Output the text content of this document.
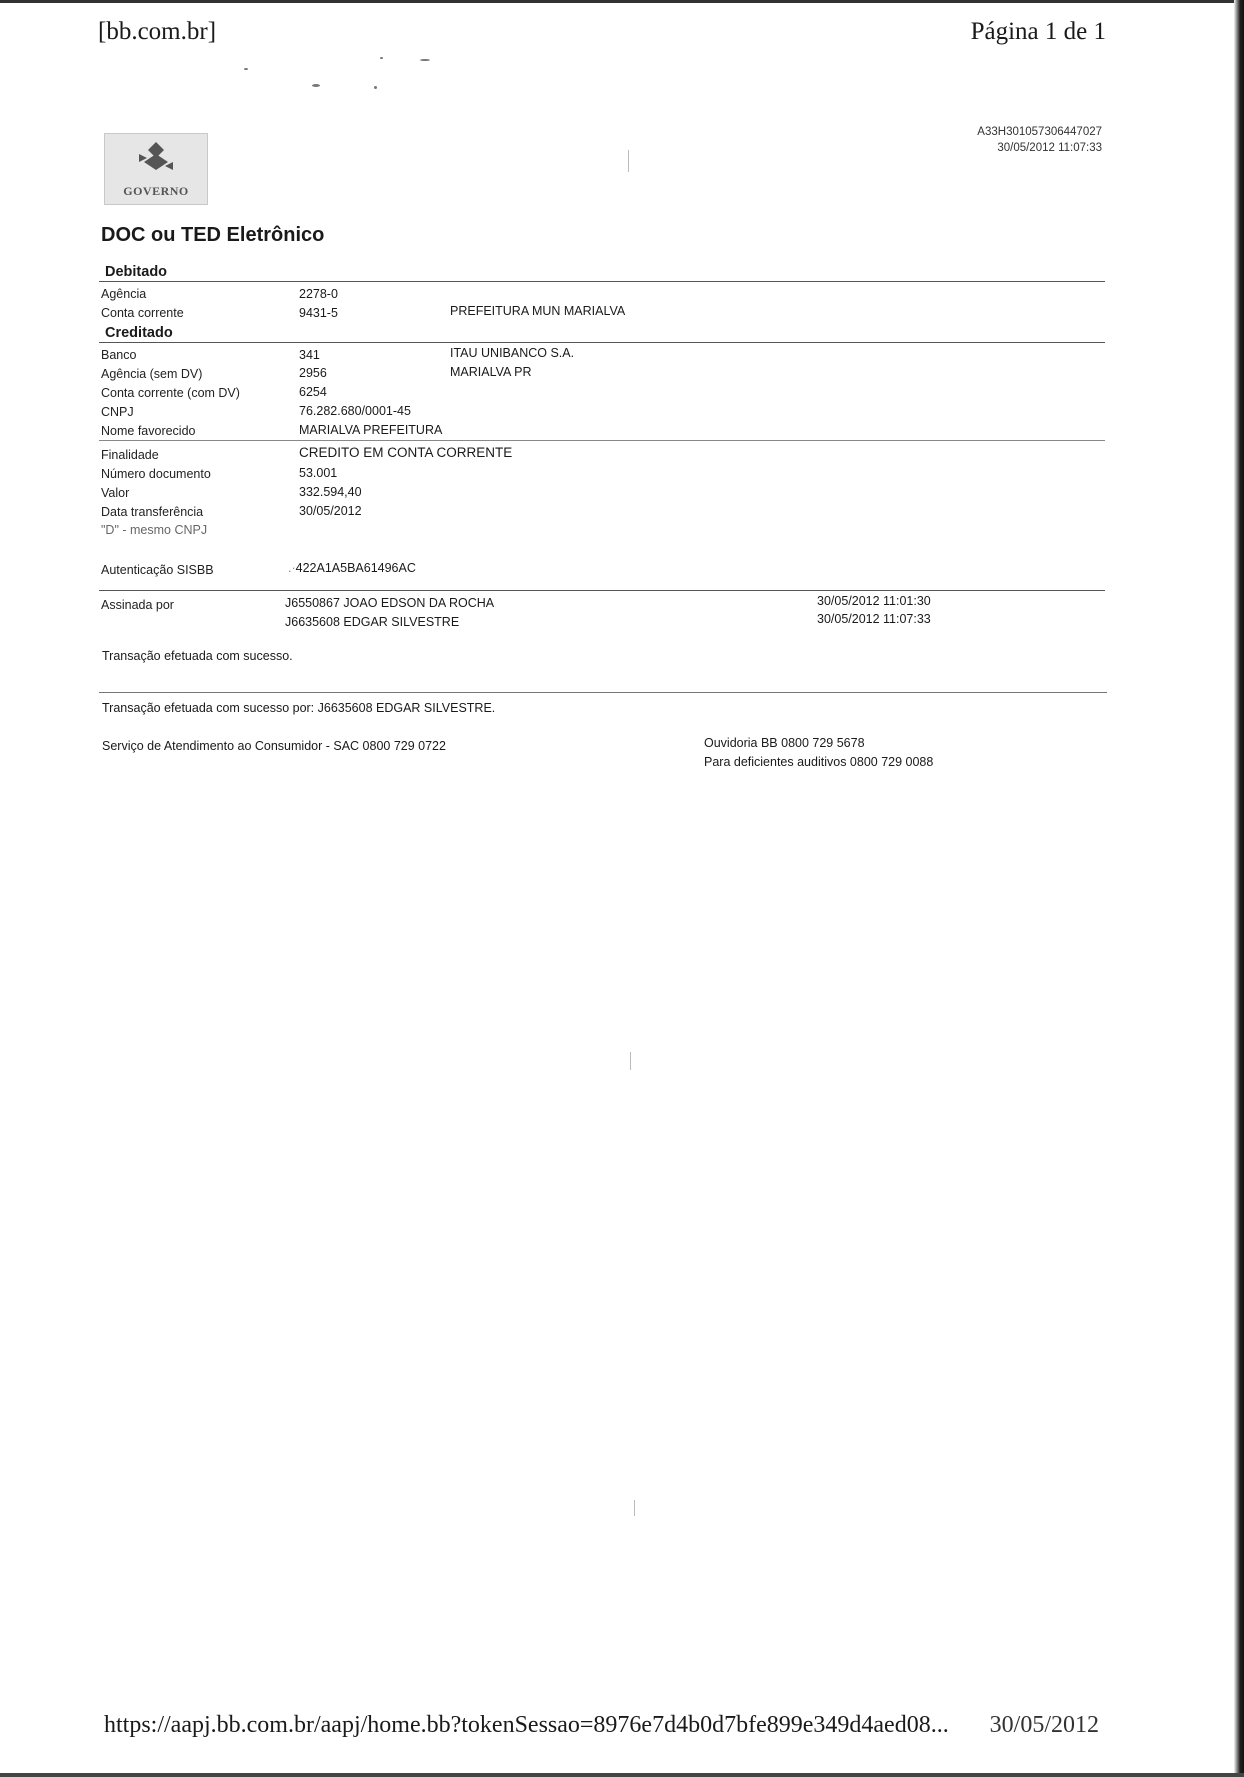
[bb.com.br]	Página 1 de 1
A33H301057306447027
30/05/2012 11:07:33
GOVERNO
DOC ou TED Eletrônico
Debitado
Agência	2278-0
Conta corrente	9431-5	PREFEITURA MUN MARIALVA
Creditado
Banco	341	ITAU UNIBANCO S.A.
Agência (sem DV)	2956	MARIALVA PR
Conta corrente (com DV)	6254
CNPJ	76.282.680/0001-45
Nome favorecido	MARIALVA PREFEITURA
Finalidade	CREDITO EM CONTA CORRENTE
Número documento	53.001
Valor	332.594,40
Data transferência	30/05/2012
"D" - mesmo CNPJ
Autenticação SISBB	.·422A1A5BA61496AC
Assinada por	J6550867 JOAO EDSON DA ROCHA	30/05/2012 11:01:30
J6635608 EDGAR SILVESTRE	30/05/2012 11:07:33
Transação efetuada com sucesso.
Transação efetuada com sucesso por: J6635608 EDGAR SILVESTRE.
Serviço de Atendimento ao Consumidor - SAC 0800 729 0722	Ouvidoria BB 0800 729 5678
Para deficientes auditivos 0800 729 0088
https://aapj.bb.com.br/aapj/home.bb?tokenSessao=8976e7d4b0d7bfe899e349d4aed08... 30/05/2012
